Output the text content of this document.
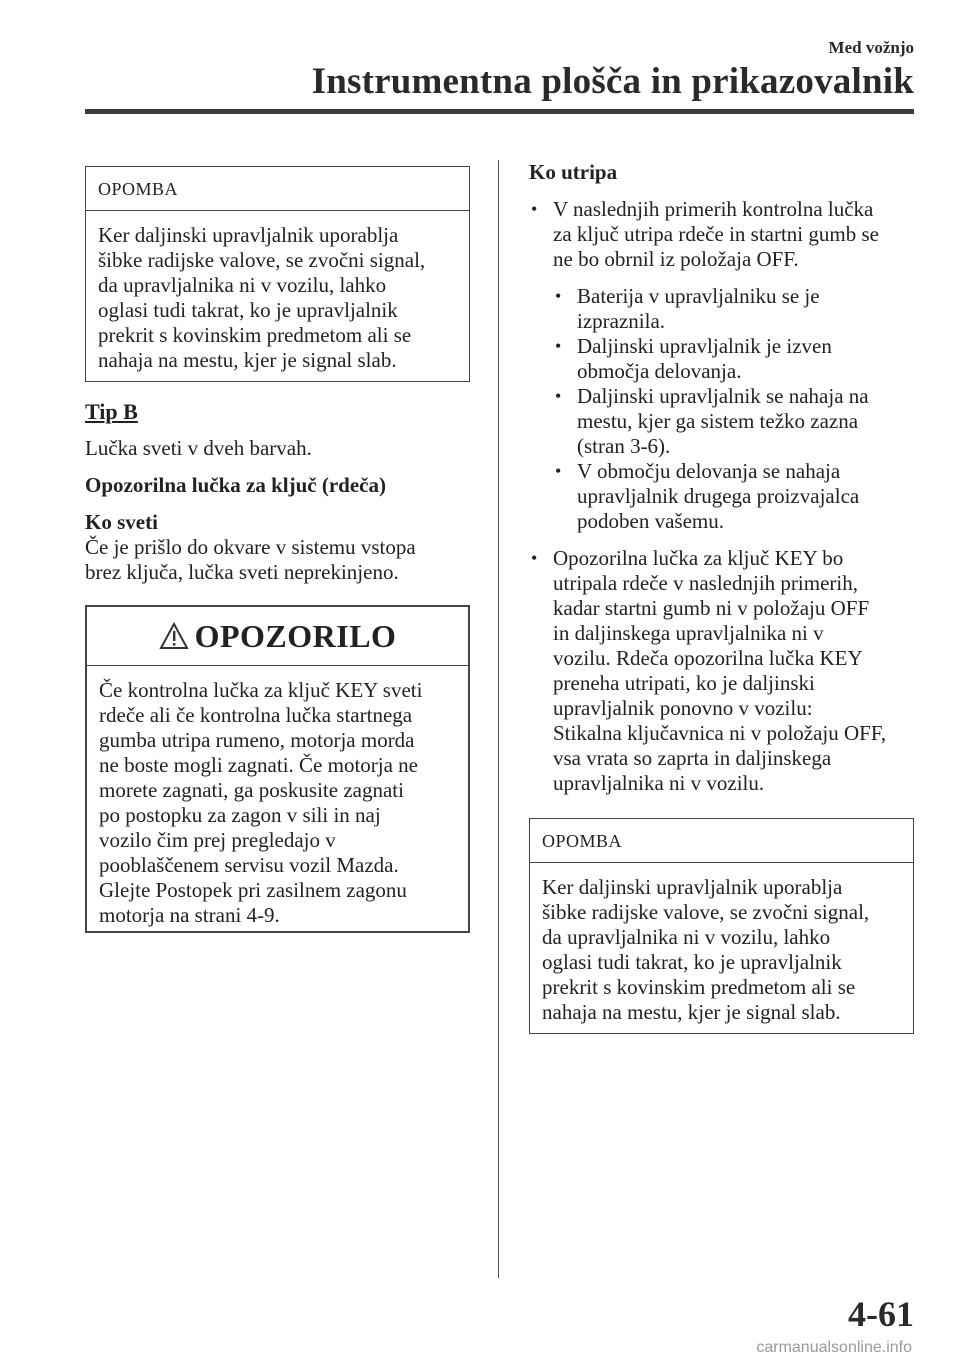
Med vožnjo
Instrumentna plošča in prikazovalnik
OPOMBA
Ker daljinski upravljalnik uporablja
šibke radijske valove, se zvočni signal,
da upravljalnika ni v vozilu, lahko
oglasi tudi takrat, ko je upravljalnik
prekrit s kovinskim predmetom ali se
nahaja na mestu, kjer je signal slab.

Tip B

Lučka sveti v dveh barvah.

Opozorilna lučka za ključ (rdeča)

Ko sveti

Če je prišlo do okvare v sistemu vstopa

brez ključa, lučka sveti neprekinjeno.

OPOZORILO
Če kontrolna lučka za ključ KEY sveti
rdeče ali če kontrolna lučka startnega
gumba utripa rumeno, motorja morda
ne boste mogli zagnati. Če motorja ne
morete zagnati, ga poskusite zagnati
po postopku za zagon v sili in naj
vozilo čim prej pregledajo v
pooblaščenem servisu vozil Mazda.
Glejte Postopek pri zasilnem zagonu
motorja na strani 4-9.

Ko utripa

• V naslednjih primerih kontrolna lučka
za ključ utripa rdeče in startni gumb se
ne bo obrnil iz položaja OFF.
• Baterija v upravljalniku se je
izpraznila.
• Daljinski upravljalnik je izven
območja delovanja.
• Daljinski upravljalnik se nahaja na
mestu, kjer ga sistem težko zazna
(stran 3-6).
• V območju delovanja se nahaja
upravljalnik drugega proizvajalca
podoben vašemu.
• Opozorilna lučka za ključ KEY bo
utripala rdeče v naslednjih primerih,
kadar startni gumb ni v položaju OFF
in daljinskega upravljalnika ni v
vozilu. Rdeča opozorilna lučka KEY
preneha utripati, ko je daljinski
upravljalnik ponovno v vozilu:
Stikalna ključavnica ni v položaju OFF,
vsa vrata so zaprta in daljinskega
upravljalnika ni v vozilu.
OPOMBA
Ker daljinski upravljalnik uporablja
šibke radijske valove, se zvočni signal,
da upravljalnika ni v vozilu, lahko
oglasi tudi takrat, ko je upravljalnik
prekrit s kovinskim predmetom ali se
nahaja na mestu, kjer je signal slab.
4-61
carmanualsonline.info
